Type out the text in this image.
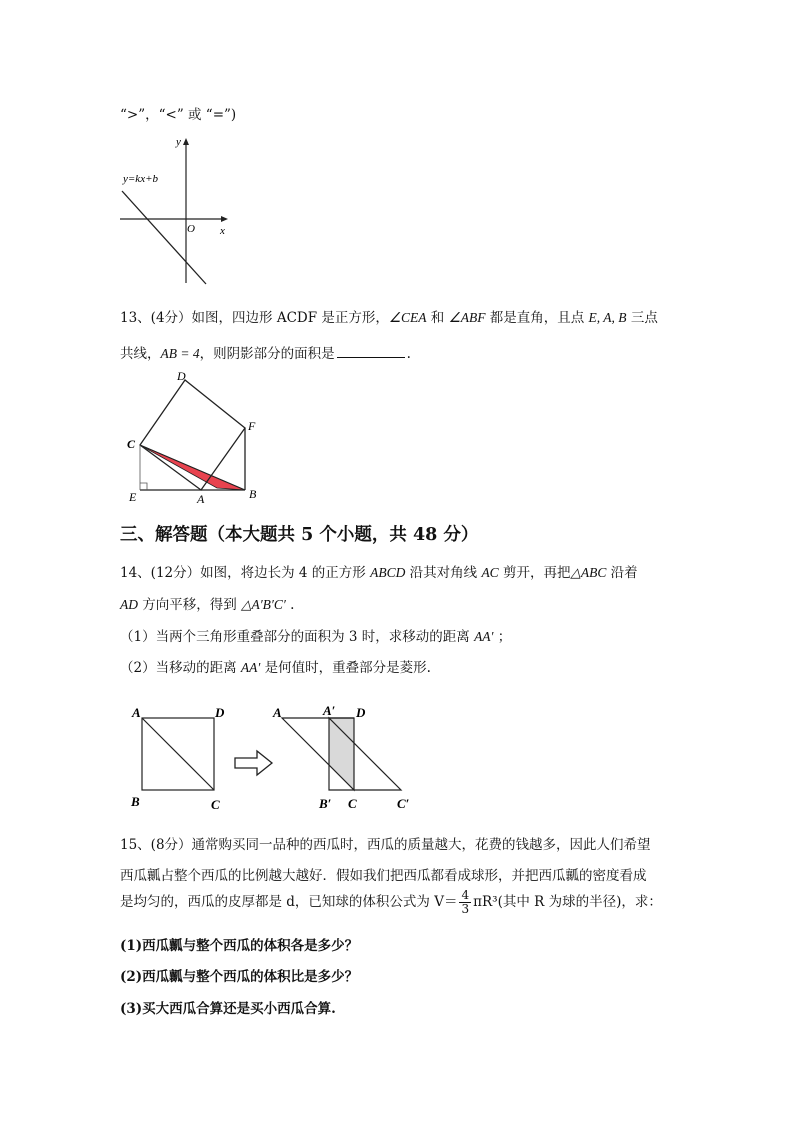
“>”，“<” 或 “=”)
y
x
O
y=kx+b
13、(4分）如图，四边形 ACDF 是正方形，∠CEA 和 ∠ABF 都是直角，且点 E, A, B 三点
共线，AB = 4，则阴影部分的面积是	.
D
F
C
E	A	B
三、解答题（本大题共 5 个小题，共 48 分）
14、(12分）如图，将边长为 4 的正方形 ABCD 沿其对角线 AC 剪开，再把△ABC 沿着
AD 方向平移，得到 △A′B′C′ .
（1）当两个三角形重叠部分的面积为 3 时，求移动的距离 AA′ ；
（2）当移动的距离 AA′ 是何值时，重叠部分是菱形.
A	D
B	C
A	A′ D
B′ C	C′
15、(8分）通常购买同一品种的西瓜时，西瓜的质量越大，花费的钱越多，因此人们希望
西瓜瓤占整个西瓜的比例越大越好．假如我们把西瓜都看成球形，并把西瓜瓤的密度看成
是均匀的，西瓜的皮厚都是 d，已知球的体积公式为 $V= \frac{4}{3} \pi R^3$(其中 R 为球的半径)，求：
(1)西瓜瓤与整个西瓜的体积各是多少？
(2)西瓜瓤与整个西瓜的体积比是多少？
(3)买大西瓜合算还是买小西瓜合算.
